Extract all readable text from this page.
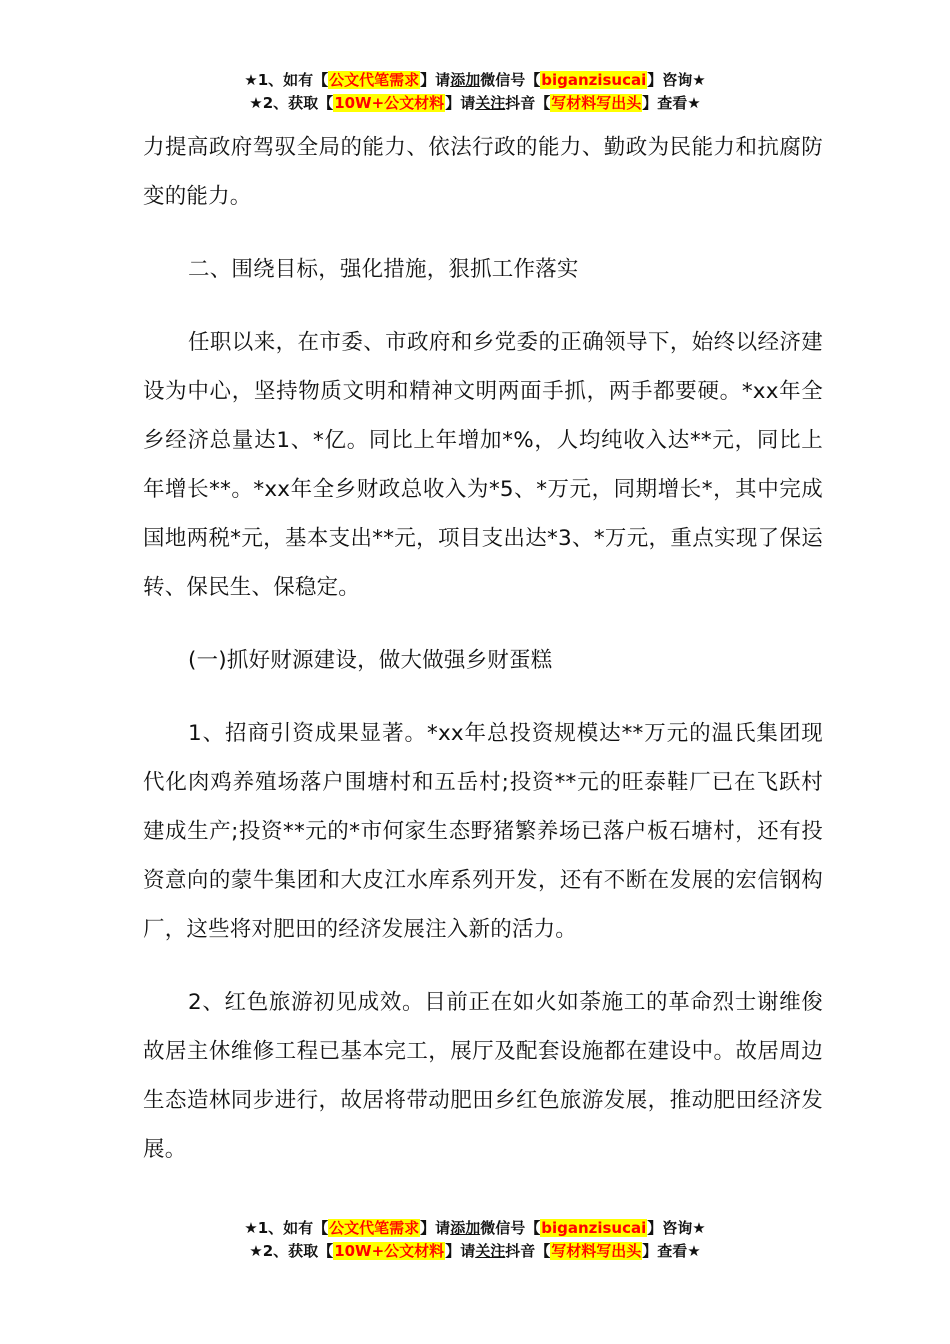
★1、如有【公文代笔需求】请添加微信号【biganzisucai】咨询★
★2、获取【10W+公文材料】请关注抖音【写材料写出头】查看★

力提高政府驾驭全局的能力、依法行政的能力、勤政为民能力和抗腐防变的能力。

二、围绕目标，强化措施，狠抓工作落实

任职以来，在市委、市政府和乡党委的正确领导下，始终以经济建设为中心，坚持物质文明和精神文明两面手抓，两手都要硬。*xx年全乡经济总量达1、*亿。同比上年增加*%，人均纯收入达**元，同比上年增长**。*xx年全乡财政总收入为*5、*万元，同期增长*，其中完成国地两税*元，基本支出**元，项目支出达*3、*万元，重点实现了保运转、保民生、保稳定。

(一)抓好财源建设，做大做强乡财蛋糕

1、招商引资成果显著。*xx年总投资规模达**万元的温氏集团现代化肉鸡养殖场落户围塘村和五岳村;投资**元的旺泰鞋厂已在飞跃村建成生产;投资**元的*市何家生态野猪繁养场已落户板石塘村，还有投资意向的蒙牛集团和大皮江水库系列开发，还有不断在发展的宏信钢构厂，这些将对肥田的经济发展注入新的活力。

2、红色旅游初见成效。目前正在如火如荼施工的革命烈士谢维俊故居主休维修工程已基本完工，展厅及配套设施都在建设中。故居周边生态造林同步进行，故居将带动肥田乡红色旅游发展，推动肥田经济发展。

★1、如有【公文代笔需求】请添加微信号【biganzisucai】咨询★
★2、获取【10W+公文材料】请关注抖音【写材料写出头】查看★
